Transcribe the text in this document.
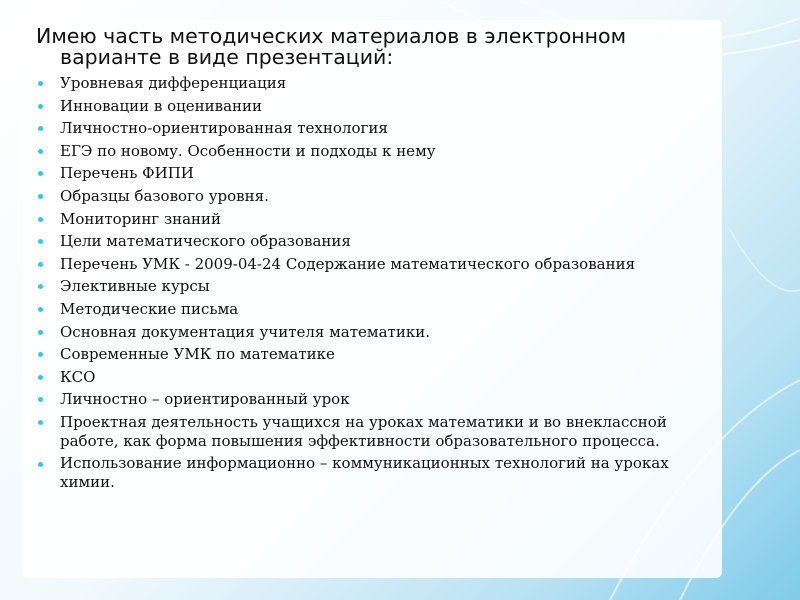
Имею часть методических материалов в электронном
варианте в виде презентаций:
Уровневая дифференциация
Инновации в оценивании
Личностно-ориентированная технология
ЕГЭ по новому. Особенности и подходы к нему
Перечень ФИПИ
Образцы базового уровня.
Мониторинг знаний
Цели математического образования
Перечень УМК - 2009-04-24 Содержание математического образования
Элективные курсы
Методические письма
Основная документация учителя математики.
Современные УМК по математике
КСО
Личностно – ориентированный урок
Проектная деятельность учащихся на уроках математики и во внеклассной работе, как форма повышения эффективности образовательного процесса.
Использование информационно – коммуникационных технологий на уроках химии.
